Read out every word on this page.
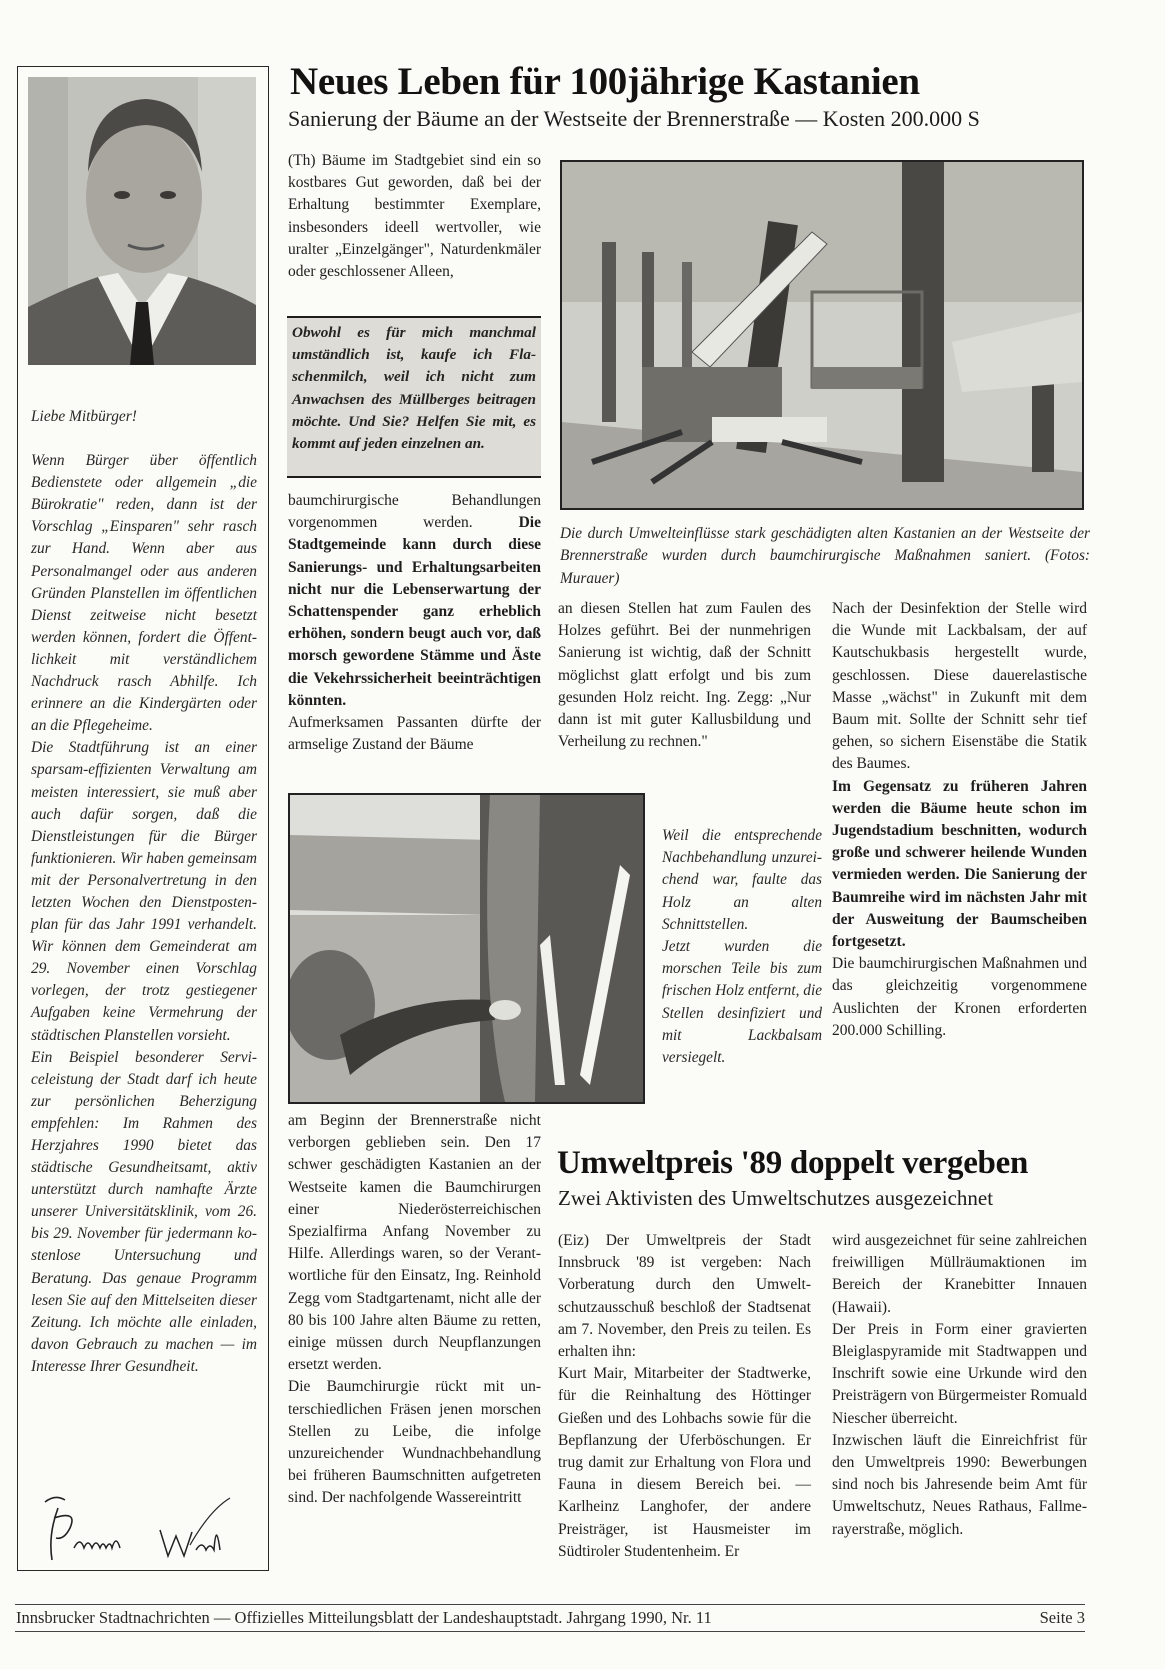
Liebe Mitbürger!

Wenn Bürger über öffentlich Bedienstete oder allgemein „die Bürokratie" reden, dann ist der Vorschlag „Einsparen" sehr rasch zur Hand. Wenn aber aus Personalmangel oder aus anderen Gründen Planstellen im öffentlichen Dienst zeitweise nicht besetzt werden können, fordert die Öffentlichkeit mit verständlichem Nachdruck rasch Abhilfe. Ich erinnere an die Kindergärten oder an die Pflegeheime.

Die Stadtführung ist an einer sparsam-effizienten Verwaltung am meisten interessiert, sie muß aber auch dafür sorgen, daß die Dienstleistungen für die Bürger funktionieren. Wir haben gemeinsam mit der Personalvertretung in den letzten Wochen den Dienstpostenplan für das Jahr 1991 verhandelt. Wir können dem Gemeinderat am 29. November einen Vorschlag vorlegen, der trotz gestiegener Aufgaben keine Vermehrung der städtischen Planstellen vorsieht.

Ein Beispiel besonderer Serviceleistung der Stadt darf ich heute zur persönlichen Beherzigung empfehlen: Im Rahmen des Herzjahres 1990 bietet das städtische Gesundheitsamt, aktiv unterstützt durch namhafte Ärzte unserer Universitätsklinik, vom 26. bis 29. November für jedermann kostenlose Untersuchung und Beratung. Das genaue Programm lesen Sie auf den Mittelseiten dieser Zeitung. Ich möchte alle einladen, davon Gebrauch zu machen — im Interesse Ihrer Gesundheit.

Neues Leben für 100jährige Kastanien
Sanierung der Bäume an der Westseite der Brennerstraße — Kosten 200.000 S
(Th) Bäume im Stadtgebiet sind ein so kostbares Gut geworden, daß bei der Erhaltung bestimmter Exemplare, insbesonders ideell wertvoller, wie uralter „Einzelgänger", Naturdenkmäler oder geschlossener Alleen,
Obwohl es für mich manchmal umständlich ist, kaufe ich Flaschenmilch, weil ich nicht zum Anwachsen des Müllberges beitragen möchte. Und Sie? Helfen Sie mit, es kommt auf jeden einzelnen an.
baumchirurgische Behandlungen vorgenommen werden. Die Stadtgemeinde kann durch diese Sanierungs- und Erhaltungsarbeiten nicht nur die Lebenserwartung der Schattenspender ganz erheblich erhöhen, sondern beugt auch vor, daß morsch gewordene Stämme und Äste die Vekehrssicherheit beeinträchtigen könnten.

Aufmerksamen Passanten dürfte der armselige Zustand der Bäume

Die durch Umwelteinflüsse stark geschädigten alten Kastanien an der Westseite der Brennerstraße wurden durch baumchirurgische Maßnahmen saniert. (Fotos: Murauer)
an diesen Stellen hat zum Faulen des Holzes geführt. Bei der nunmehrigen Sanierung ist wichtig, daß der Schnitt möglichst glatt erfolgt und bis zum gesunden Holz reicht. Ing. Zegg: „Nur dann ist mit guter Kallusbildung und Verheilung zu rechnen."

Nach der Desinfektion der Stelle wird die Wunde mit Lackbalsam, der auf Kautschukbasis hergestellt wurde, geschlossen. Diese dauerelastische Masse „wächst" in Zukunft mit dem Baum mit. Sollte der Schnitt sehr tief gehen, so sichern Eisenstäbe die Statik des Baumes.

Im Gegensatz zu früheren Jahren werden die Bäume heute schon im Jugendstadium beschnitten, wodurch große und schwerer heilende Wunden vermieden werden. Die Sanierung der Baumreihe wird im nächsten Jahr mit der Ausweitung der Baumscheiben fortgesetzt.

Die baumchirurgischen Maßnahmen und das gleichzeitig vorgenommene Auslichten der Kronen erforderten 200.000 Schilling.

Weil die entsprechende Nachbehandlung unzureichend war, faulte das Holz an alten Schnittstellen.

Jetzt wurden die morschen Teile bis zum frischen Holz entfernt, die Stellen desinfiziert und mit Lackbalsam versiegelt.

am Beginn der Brennerstraße nicht verborgen geblieben sein. Den 17 schwer geschädigten Kastanien an der Westseite kamen die Baumchirurgen einer Niederösterreichischen Spezialfirma Anfang November zu Hilfe. Allerdings waren, so der Verantwortliche für den Einsatz, Ing. Reinhold Zegg vom Stadtgartenamt, nicht alle der 80 bis 100 Jahre alten Bäume zu retten, einige müssen durch Neupflanzungen ersetzt werden.

Die Baumchirurgie rückt mit unterschiedlichen Fräsen jenen morschen Stellen zu Leibe, die infolge unzureichender Wundnachbehandlung bei früheren Baumschnitten aufgetreten sind. Der nachfolgende Wassereintritt

Umweltpreis '89 doppelt vergeben
Zwei Aktivisten des Umweltschutzes ausgezeichnet

(Eiz) Der Umweltpreis der Stadt Innsbruck '89 ist vergeben: Nach Vorberatung durch den Umweltschutzausschuß beschloß der Stadtsenat am 7. November, den Preis zu teilen. Es erhalten ihn:

Kurt Mair, Mitarbeiter der Stadtwerke, für die Reinhaltung des Höttinger Gießen und des Lohbachs sowie für die Bepflanzung der Uferböschungen. Er trug damit zur Erhaltung von Flora und Fauna in diesem Bereich bei. — Karlheinz Langhofer, der andere Preisträger, ist Hausmeister im Südtiroler Studentenheim. Er

wird ausgezeichnet für seine zahlreichen freiwilligen Müllräumaktionen im Bereich der Kranebitter Innauen (Hawaii).

Der Preis in Form einer gravierten Bleiglaspyramide mit Stadtwappen und Inschrift sowie eine Urkunde wird den Preisträgern von Bürgermeister Romuald Niescher überreicht.

Inzwischen läuft die Einreichfrist für den Umweltpreis 1990: Bewerbungen sind noch bis Jahresende beim Amt für Umweltschutz, Neues Rathaus, Fallmerayerstraße, möglich.

Innsbrucker Stadtnachrichten — Offizielles Mitteilungsblatt der Landeshauptstadt. Jahrgang 1990, Nr. 11	Seite 3
